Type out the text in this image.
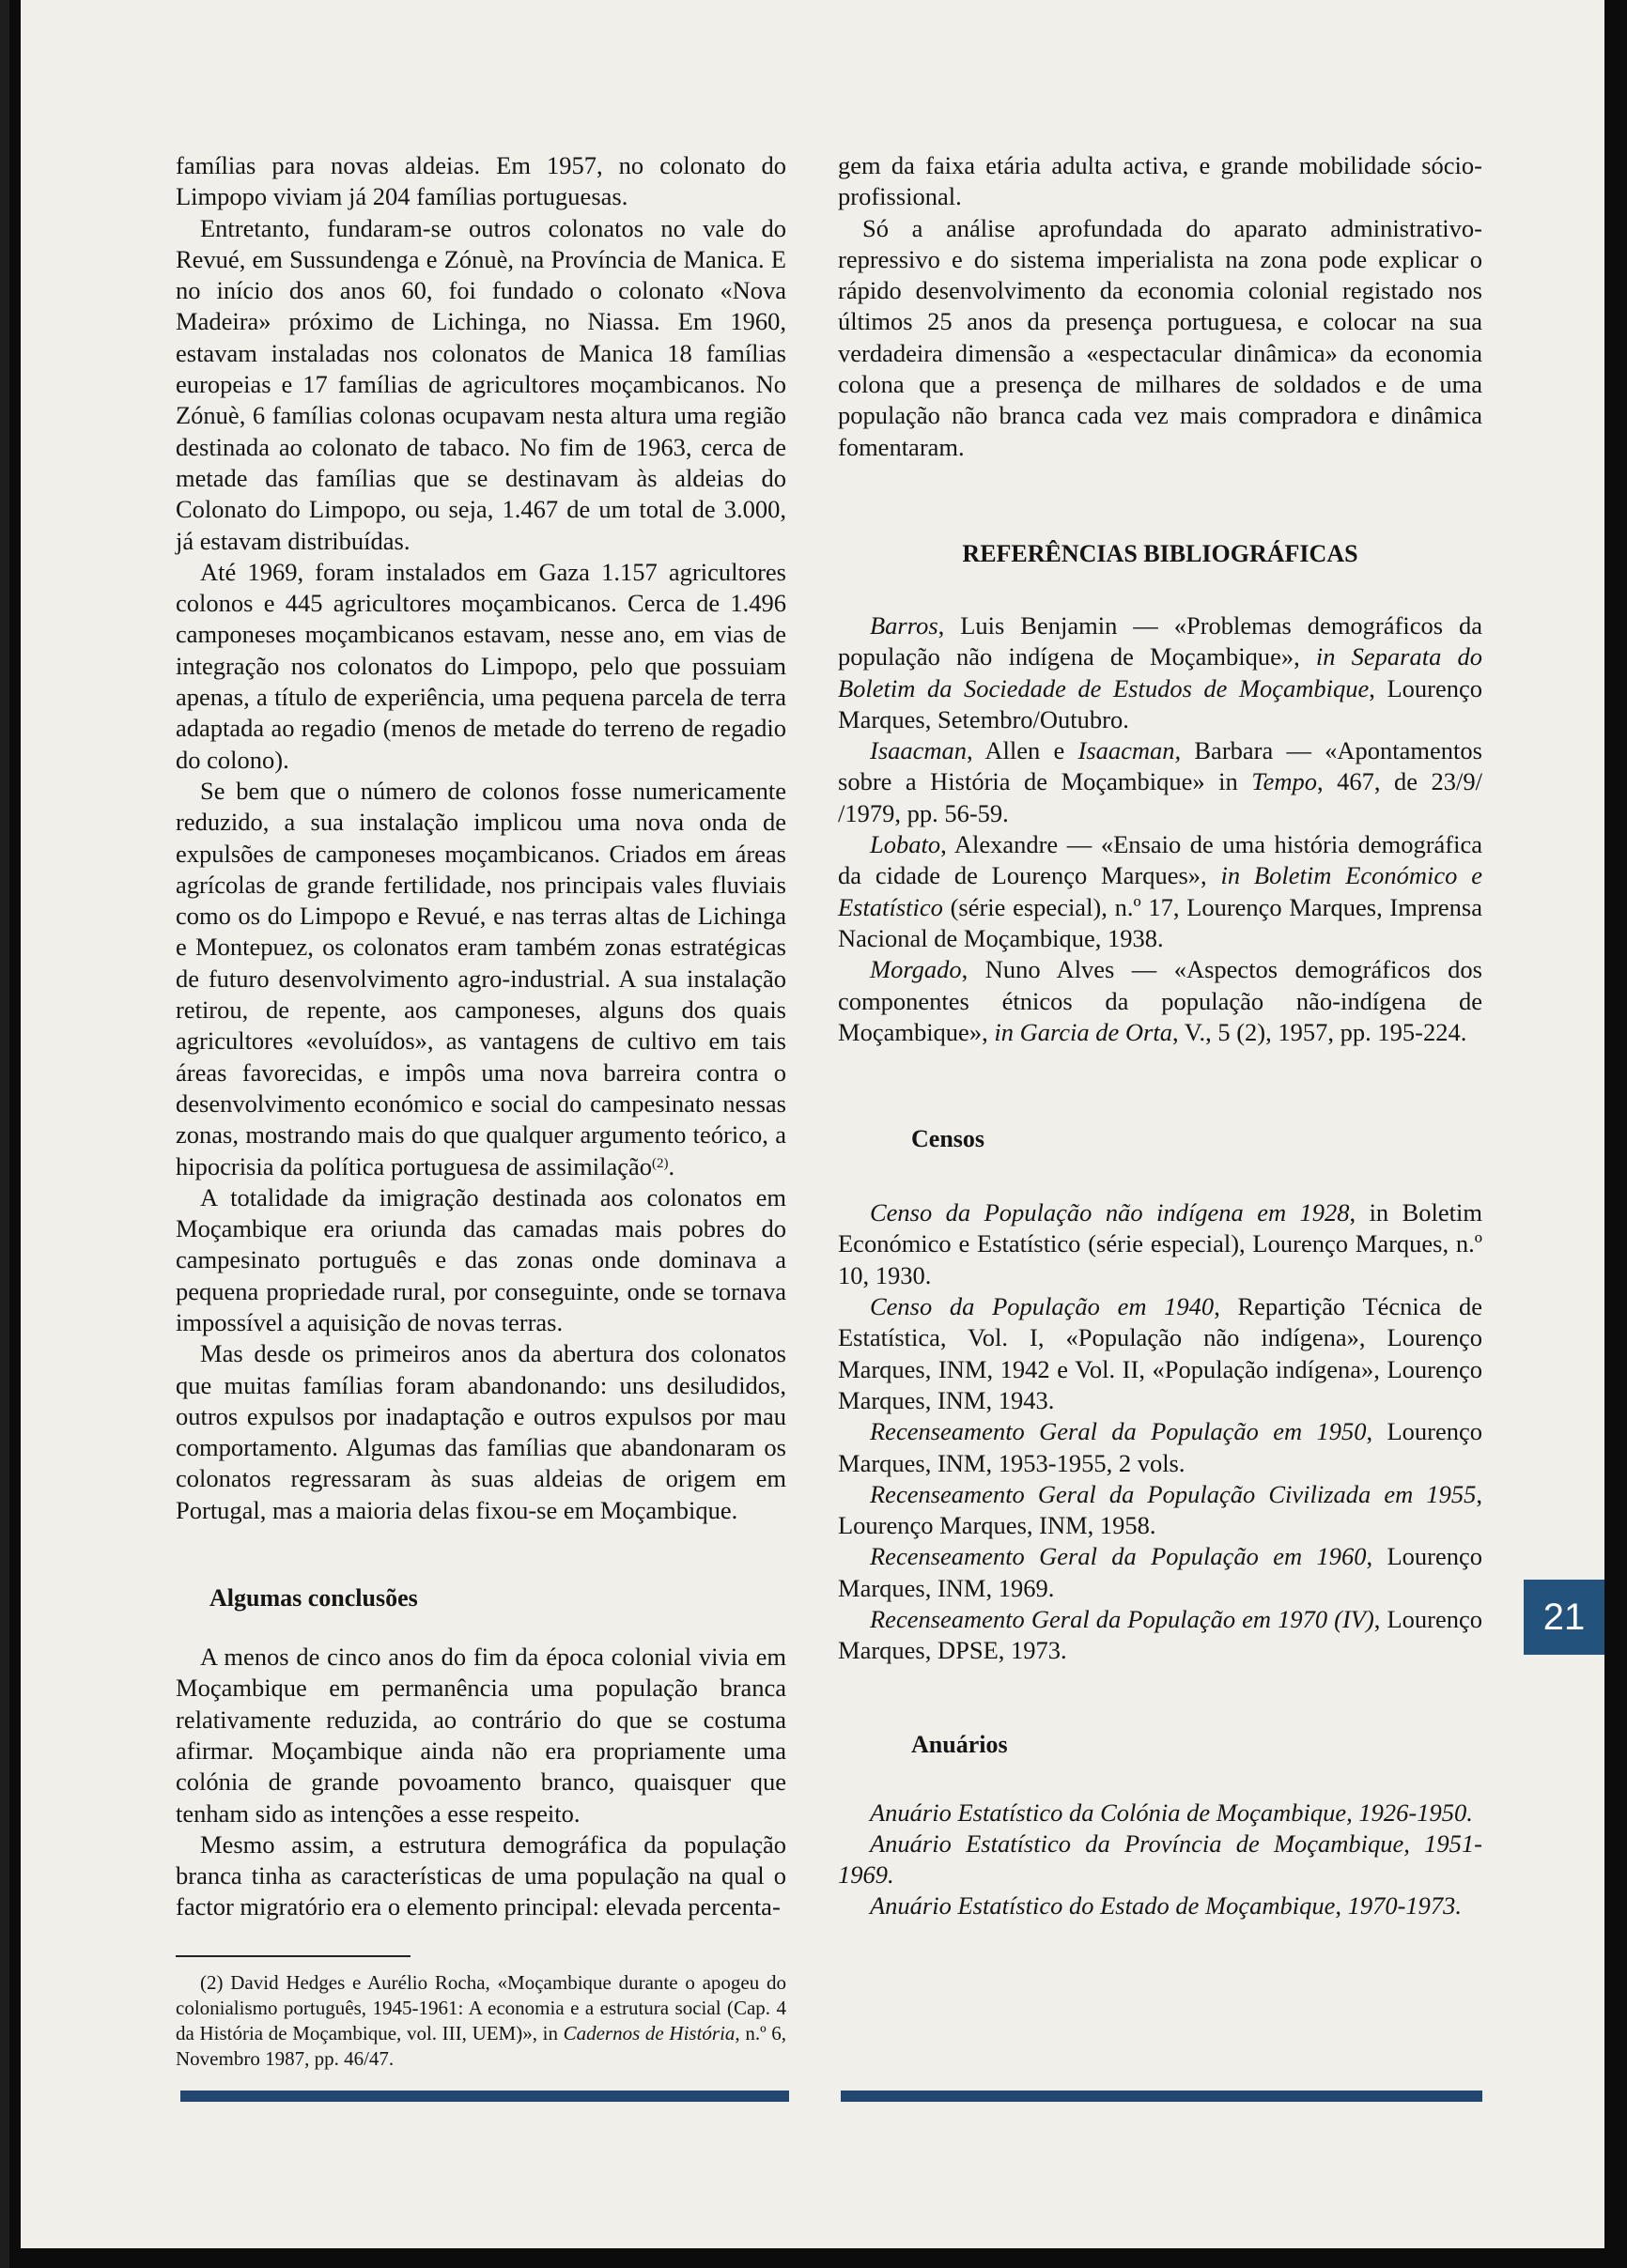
famílias para novas aldeias. Em 1957, no colonato do Limpopo viviam já 204 famílias portuguesas.

Entretanto, fundaram-se outros colonatos no vale do Revué, em Sussundenga e Zónuè, na Província de Manica. E no início dos anos 60, foi fundado o colonato «Nova Madeira» próximo de Lichinga, no Niassa. Em 1960, estavam instaladas nos colonatos de Manica 18 famílias europeias e 17 famílias de agricultores moçambicanos. No Zónuè, 6 famílias colonas ocupavam nesta altura uma região destinada ao colonato de tabaco. No fim de 1963, cerca de metade das famílias que se destinavam às aldeias do Colonato do Limpopo, ou seja, 1.467 de um total de 3.000, já estavam distribuídas.

Até 1969, foram instalados em Gaza 1.157 agricultores colonos e 445 agricultores moçambicanos. Cerca de 1.496 camponeses moçambicanos estavam, nesse ano, em vias de integração nos colonatos do Limpopo, pelo que possuiam apenas, a título de experiência, uma pequena parcela de terra adaptada ao regadio (menos de metade do terreno de regadio do colono).

Se bem que o número de colonos fosse numericamente reduzido, a sua instalação implicou uma nova onda de expulsões de camponeses moçambicanos. Criados em áreas agrícolas de grande fertilidade, nos principais vales fluviais como os do Limpopo e Revué, e nas terras altas de Lichinga e Montepuez, os colonatos eram também zonas estratégicas de futuro desenvolvimento agro-industrial. A sua instalação retirou, de repente, aos camponeses, alguns dos quais agricultores «evoluídos», as vantagens de cultivo em tais áreas favorecidas, e impôs uma nova barreira contra o desenvolvimento económico e social do campesinato nessas zonas, mostrando mais do que qualquer argumento teórico, a hipocrisia da política portuguesa de assimilação$^{(2)}$.

A totalidade da imigração destinada aos colonatos em Moçambique era oriunda das camadas mais pobres do campesinato português e das zonas onde dominava a pequena propriedade rural, por conseguinte, onde se tornava impossível a aquisição de novas terras.

Mas desde os primeiros anos da abertura dos colonatos que muitas famílias foram abandonando: uns desiludidos, outros expulsos por inadaptação e outros expulsos por mau comportamento. Algumas das famílias que abandonaram os colonatos regressaram às suas aldeias de origem em Portugal, mas a maioria delas fixou-se em Moçambique.

Algumas conclusões

A menos de cinco anos do fim da época colonial vivia em Moçambique em permanência uma população branca relativamente reduzida, ao contrário do que se costuma afirmar. Moçambique ainda não era propriamente uma colónia de grande povoamento branco, quaisquer que tenham sido as intenções a esse respeito.

Mesmo assim, a estrutura demográfica da população branca tinha as características de uma população na qual o factor migratório era o elemento principal: elevada percenta-

(2) David Hedges e Aurélio Rocha, «Moçambique durante o apogeu do colonialismo português, 1945-1961: A economia e a estrutura social (Cap. 4 da História de Moçambique, vol. III, UEM)», in Cadernos de História, n.º 6, Novembro 1987, pp. 46/47.

gem da faixa etária adulta activa, e grande mobilidade sócio-profissional.

Só a análise aprofundada do aparato administrativo-repressivo e do sistema imperialista na zona pode explicar o rápido desenvolvimento da economia colonial registado nos últimos 25 anos da presença portuguesa, e colocar na sua verdadeira dimensão a «espectacular dinâmica» da economia colona que a presença de milhares de soldados e de uma população não branca cada vez mais compradora e dinâmica fomentaram.

REFERÊNCIAS BIBLIOGRÁFICAS

Barros, Luis Benjamin — «Problemas demográficos da população não indígena de Moçambique», in Separata do Boletim da Sociedade de Estudos de Moçambique, Lourenço Marques, Setembro/Outubro.

Isaacman, Allen e Isaacman, Barbara — «Apontamentos sobre a História de Moçambique» in Tempo, 467, de 23/9/ /1979, pp. 56-59.

Lobato, Alexandre — «Ensaio de uma história demográfica da cidade de Lourenço Marques», in Boletim Económico e Estatístico (série especial), n.º 17, Lourenço Marques, Imprensa Nacional de Moçambique, 1938.

Morgado, Nuno Alves — «Aspectos demográficos dos componentes étnicos da população não-indígena de Moçambique», in Garcia de Orta, V., 5 (2), 1957, pp. 195-224.

Censos

Censo da População não indígena em 1928, in Boletim Económico e Estatístico (série especial), Lourenço Marques, n.º 10, 1930.

Censo da População em 1940, Repartição Técnica de Estatística, Vol. I, «População não indígena», Lourenço Marques, INM, 1942 e Vol. II, «População indígena», Lourenço Marques, INM, 1943.

Recenseamento Geral da População em 1950, Lourenço Marques, INM, 1953-1955, 2 vols.

Recenseamento Geral da População Civilizada em 1955, Lourenço Marques, INM, 1958.

Recenseamento Geral da População em 1960, Lourenço Marques, INM, 1969.

Recenseamento Geral da População em 1970 (IV), Lourenço Marques, DPSE, 1973.

Anuários

Anuário Estatístico da Colónia de Moçambique, 1926-1950.

Anuário Estatístico da Província de Moçambique, 1951-1969.

Anuário Estatístico do Estado de Moçambique, 1970-1973.

21
